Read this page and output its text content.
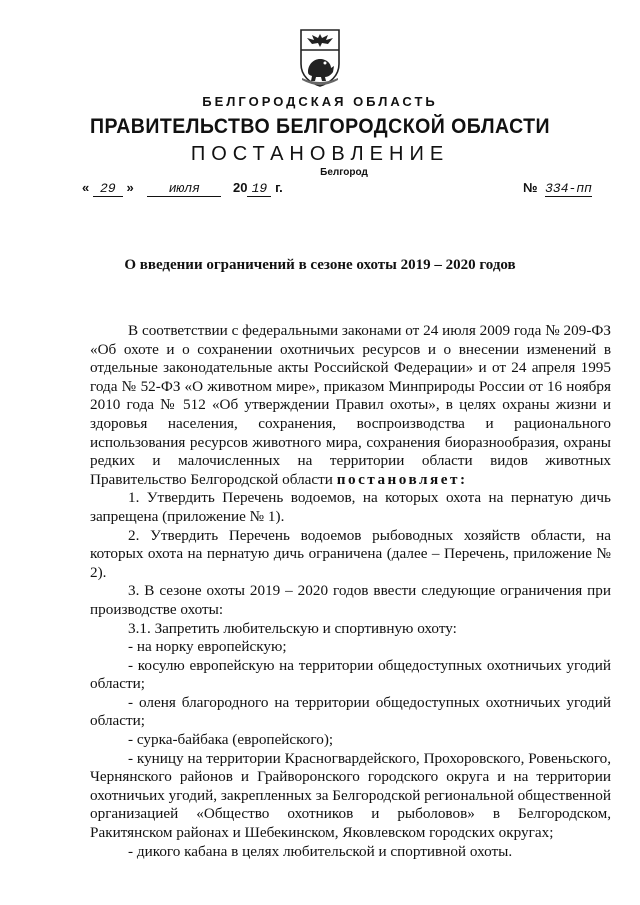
БЕЛГОРОДСКАЯ ОБЛАСТЬ
ПРАВИТЕЛЬСТВО БЕЛГОРОДСКОЙ ОБЛАСТИ
ПОСТАНОВЛЕНИЕ
Белгород
« 29 »	июля	20 19 г.	№ 334-пп
О введении ограничений в сезоне охоты 2019 – 2020 годов

В соответствии с федеральными законами от 24 июля 2009 года № 209-ФЗ «Об охоте и о сохранении охотничьих ресурсов и о внесении изменений в отдельные законодательные акты Российской Федерации» и от 24 апреля 1995 года № 52-ФЗ «О животном мире», приказом Минприроды России от 16 ноября 2010 года № 512 «Об утверждении Правил охоты», в целях охраны жизни и здоровья населения, сохранения, воспроизводства и рационального использования ресурсов животного мира, сохранения биоразнообразия, охраны редких и малочисленных на территории области видов животных Правительство Белгородской области постановляет:

1. Утвердить Перечень водоемов, на которых охота на пернатую дичь запрещена (приложение № 1).

2. Утвердить Перечень водоемов рыбоводных хозяйств области, на которых охота на пернатую дичь ограничена (далее – Перечень, приложение № 2).

3. В сезоне охоты 2019 – 2020 годов ввести следующие ограничения при производстве охоты:

3.1. Запретить любительскую и спортивную охоту:

- на норку европейскую;

- косулю европейскую на территории общедоступных охотничьих угодий области;

- оленя благородного на территории общедоступных охотничьих угодий области;

- сурка-байбака (европейского);

- куницу на территории Красногвардейского, Прохоровского, Ровеньского, Чернянского районов и Грайворонского городского округа и на территории охотничьих угодий, закрепленных за Белгородской региональной общественной организацией «Общество охотников и рыболовов» в Белгородском, Ракитянском районах и Шебекинском, Яковлевском городских округах;

- дикого кабана в целях любительской и спортивной охоты.
